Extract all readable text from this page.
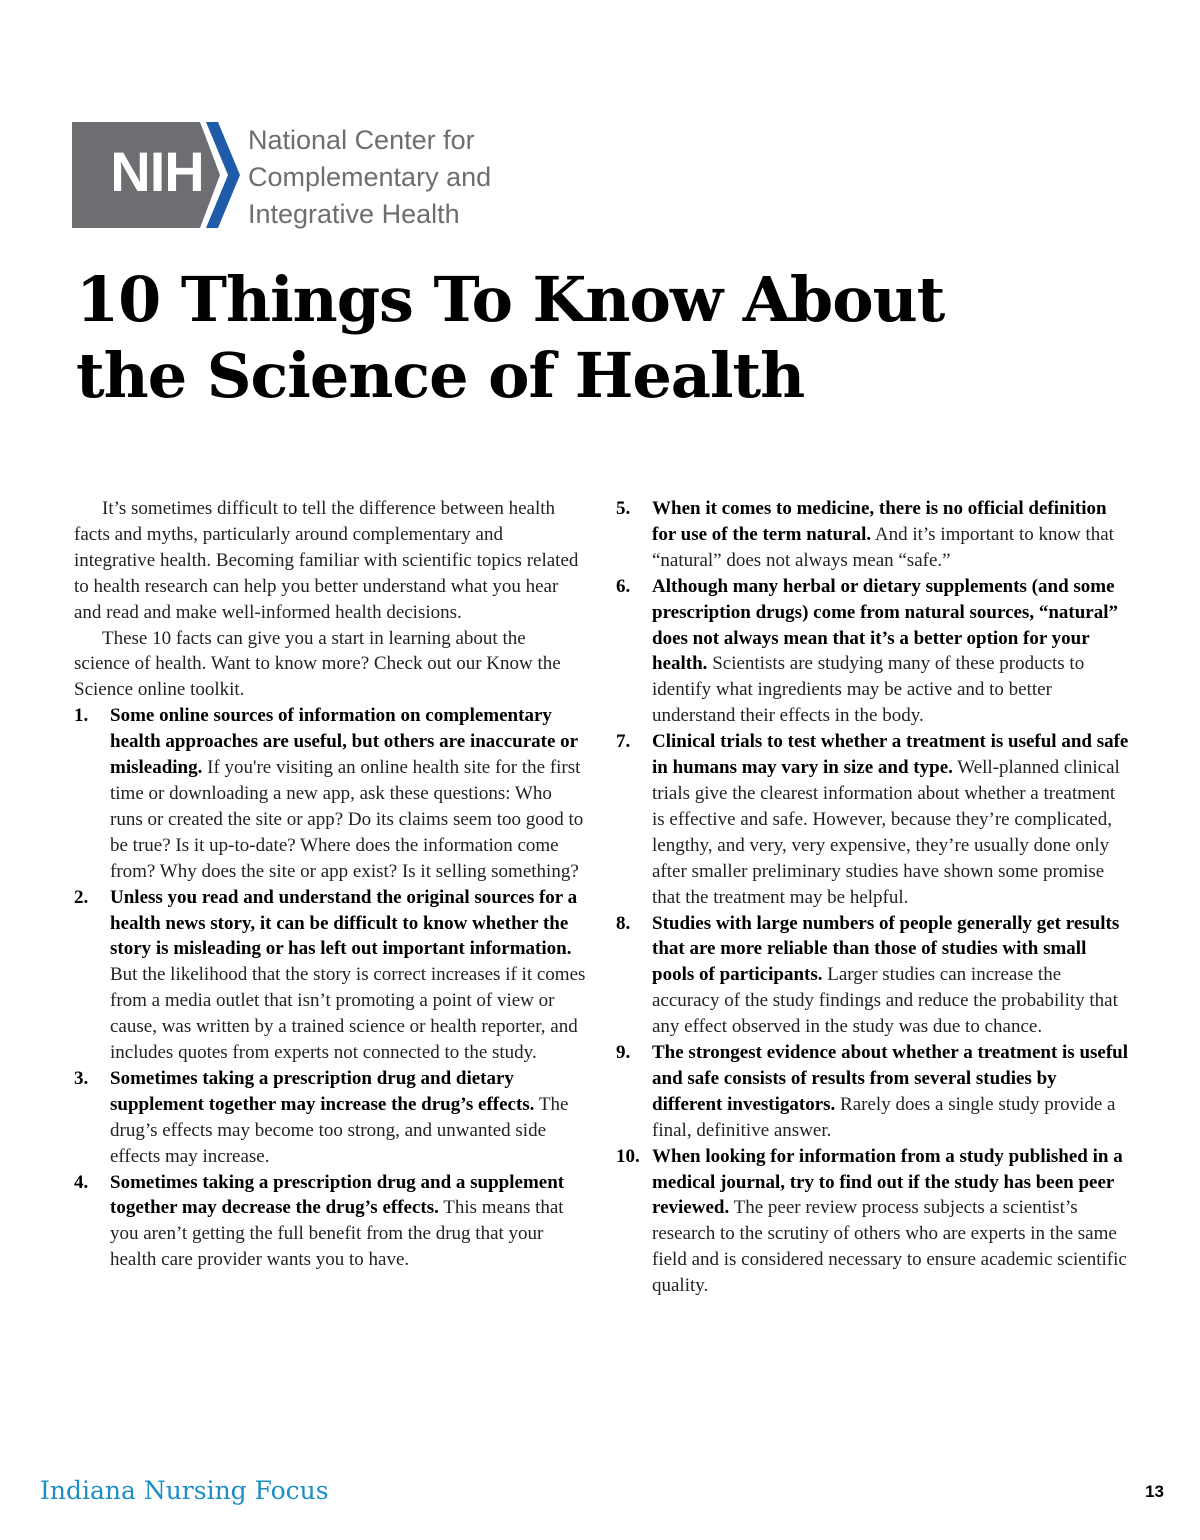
NIH	National Center for
Complementary and
Integrative Health
10 Things To Know About
the Science of Health

It’s sometimes difficult to tell the difference between health facts and myths, particularly around complementary and integrative health. Becoming familiar with scientific topics related to health research can help you better understand what you hear and read and make well-informed health decisions.

These 10 facts can give you a start in learning about the science of health. Want to know more? Check out our Know the Science online toolkit.

1. Some online sources of information on complementary health approaches are useful, but others are inaccurate or misleading. If you're visiting an online health site for the first time or downloading a new app, ask these questions: Who runs or created the site or app? Do its claims seem too good to be true? Is it up-to-date? Where does the information come from? Why does the site or app exist? Is it selling something?
2. Unless you read and understand the original sources for a health news story, it can be difficult to know whether the story is misleading or has left out important information. But the likelihood that the story is correct increases if it comes from a media outlet that isn’t promoting a point of view or cause, was written by a trained science or health reporter, and includes quotes from experts not connected to the study.
3. Sometimes taking a prescription drug and dietary supplement together may increase the drug’s effects. The drug’s effects may become too strong, and unwanted side effects may increase.
4. Sometimes taking a prescription drug and a supplement together may decrease the drug’s effects. This means that you aren’t getting the full benefit from the drug that your health care provider wants you to have.
5. When it comes to medicine, there is no official definition for use of the term natural. And it’s important to know that “natural” does not always mean “safe.”
6. Although many herbal or dietary supplements (and some prescription drugs) come from natural sources, “natural” does not always mean that it’s a better option for your health. Scientists are studying many of these products to identify what ingredients may be active and to better understand their effects in the body.
7. Clinical trials to test whether a treatment is useful and safe in humans may vary in size and type. Well-planned clinical trials give the clearest information about whether a treatment is effective and safe. However, because they’re complicated, lengthy, and very, very expensive, they’re usually done only after smaller preliminary studies have shown some promise that the treatment may be helpful.
8. Studies with large numbers of people generally get results that are more reliable than those of studies with small pools of participants. Larger studies can increase the accuracy of the study findings and reduce the probability that any effect observed in the study was due to chance.
9. The strongest evidence about whether a treatment is useful and safe consists of results from several studies by different investigators. Rarely does a single study provide a final, definitive answer.
10. When looking for information from a study published in a medical journal, try to find out if the study has been peer reviewed. The peer review process subjects a scientist’s research to the scrutiny of others who are experts in the same field and is considered necessary to ensure academic scientific quality.
Indiana Nursing Focus	13
